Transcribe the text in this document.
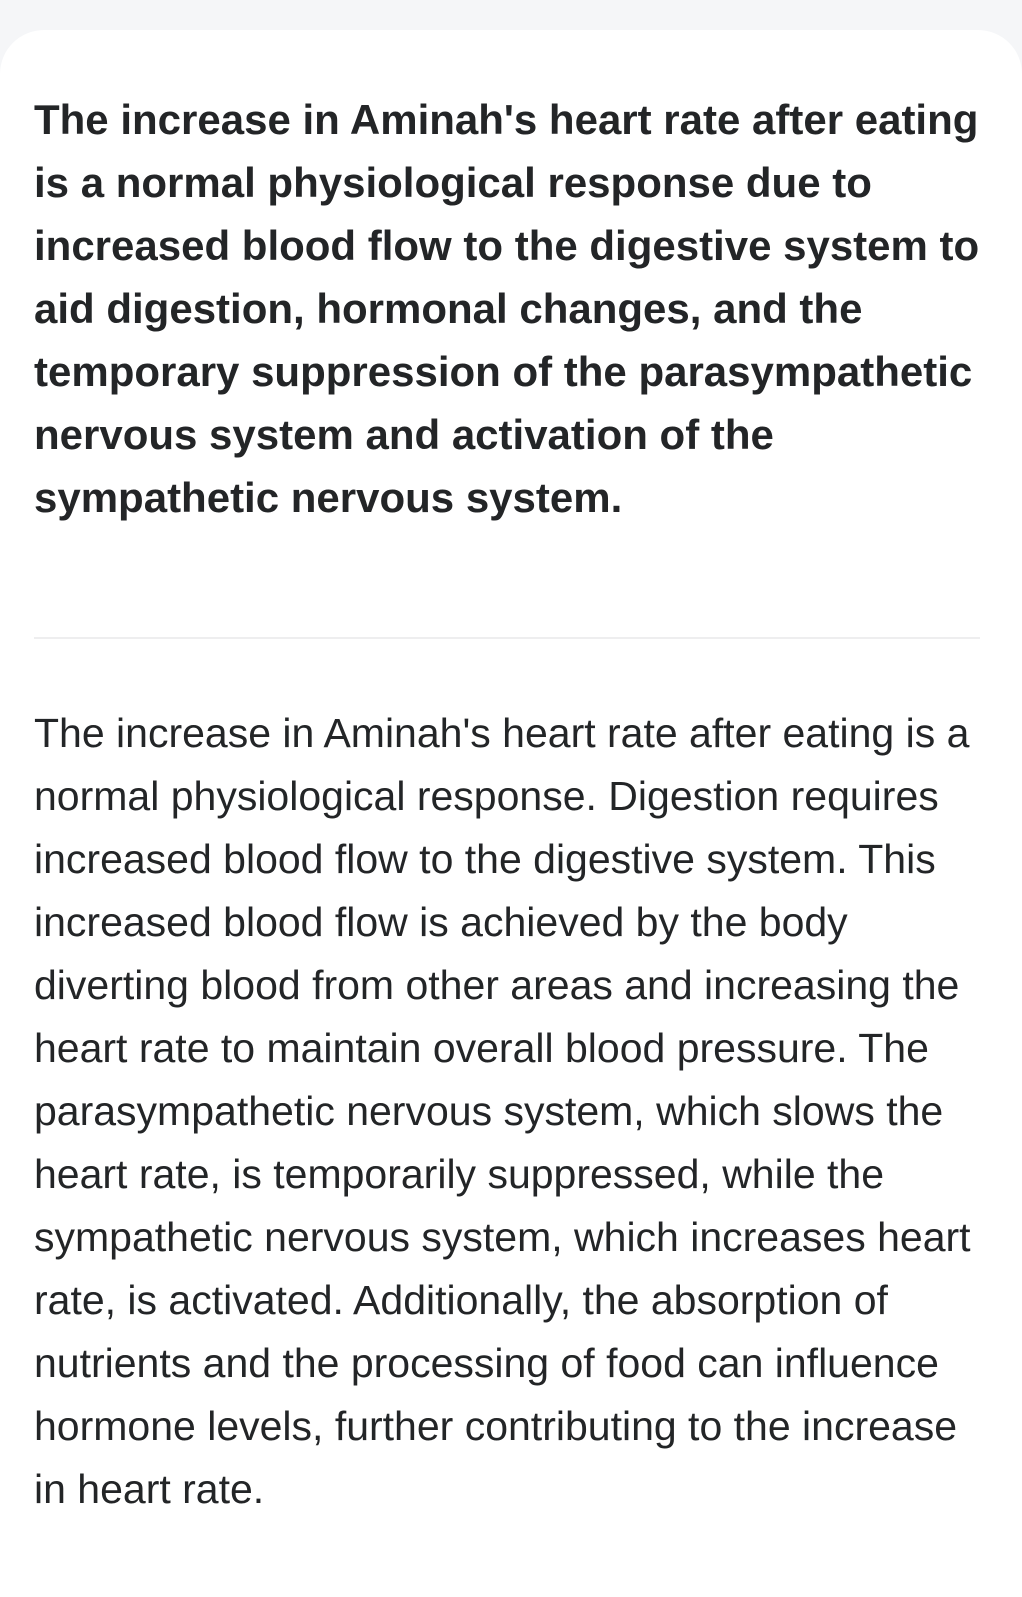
The increase in Aminah's heart rate after eating is a normal physiological response due to increased blood flow to the digestive system to aid digestion, hormonal changes, and the temporary suppression of the parasympathetic nervous system and activation of the sympathetic nervous system.

The increase in Aminah's heart rate after eating is a normal physiological response. Digestion requires increased blood flow to the digestive system. This increased blood flow is achieved by the body diverting blood from other areas and increasing the heart rate to maintain overall blood pressure. The parasympathetic nervous system, which slows the heart rate, is temporarily suppressed, while the sympathetic nervous system, which increases heart rate, is activated. Additionally, the absorption of nutrients and the processing of food can influence hormone levels, further contributing to the increase in heart rate.
